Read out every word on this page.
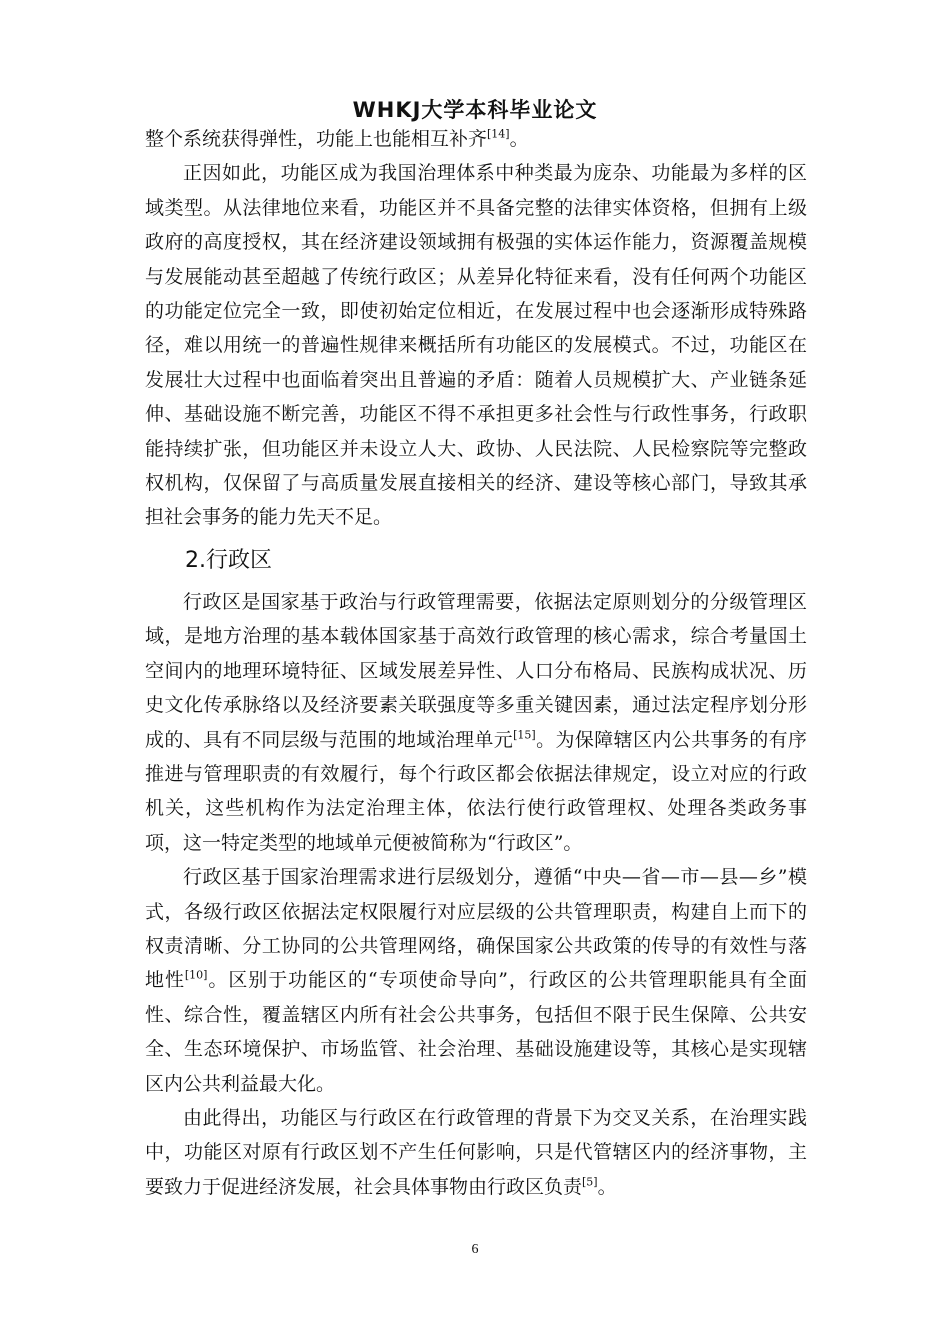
WHKJ大学本科毕业论文

整个系统获得弹性，功能上也能相互补齐[14]。

正因如此，功能区成为我国治理体系中种类最为庞杂、功能最为多样的区域类型。从法律地位来看，功能区并不具备完整的法律实体资格，但拥有上级政府的高度授权，其在经济建设领域拥有极强的实体运作能力，资源覆盖规模与发展能动甚至超越了传统行政区；从差异化特征来看，没有任何两个功能区的功能定位完全一致，即使初始定位相近，在发展过程中也会逐渐形成特殊路径，难以用统一的普遍性规律来概括所有功能区的发展模式。不过，功能区在发展壮大过程中也面临着突出且普遍的矛盾：随着人员规模扩大、产业链条延伸、基础设施不断完善，功能区不得不承担更多社会性与行政性事务，行政职能持续扩张，但功能区并未设立人大、政协、人民法院、人民检察院等完整政权机构，仅保留了与高质量发展直接相关的经济、建设等核心部门，导致其承担社会事务的能力先天不足。

2.行政区

行政区是国家基于政治与行政管理需要，依据法定原则划分的分级管理区域，是地方治理的基本载体国家基于高效行政管理的核心需求，综合考量国土空间内的地理环境特征、区域发展差异性、人口分布格局、民族构成状况、历史文化传承脉络以及经济要素关联强度等多重关键因素，通过法定程序划分形成的、具有不同层级与范围的地域治理单元[15]。为保障辖区内公共事务的有序推进与管理职责的有效履行，每个行政区都会依据法律规定，设立对应的行政机关，这些机构作为法定治理主体，依法行使行政管理权、处理各类政务事项，这一特定类型的地域单元便被简称为“行政区”。

行政区基于国家治理需求进行层级划分，遵循“中央—省—市—县—乡”模式，各级行政区依据法定权限履行对应层级的公共管理职责，构建自上而下的权责清晰、分工协同的公共管理网络，确保国家公共政策的传导的有效性与落地性[10]。区别于功能区的“专项使命导向”，行政区的公共管理职能具有全面性、综合性，覆盖辖区内所有社会公共事务，包括但不限于民生保障、公共安全、生态环境保护、市场监管、社会治理、基础设施建设等，其核心是实现辖区内公共利益最大化。

由此得出，功能区与行政区在行政管理的背景下为交叉关系，在治理实践中，功能区对原有行政区划不产生任何影响，只是代管辖区内的经济事物，主要致力于促进经济发展，社会具体事物由行政区负责[5]。

6
